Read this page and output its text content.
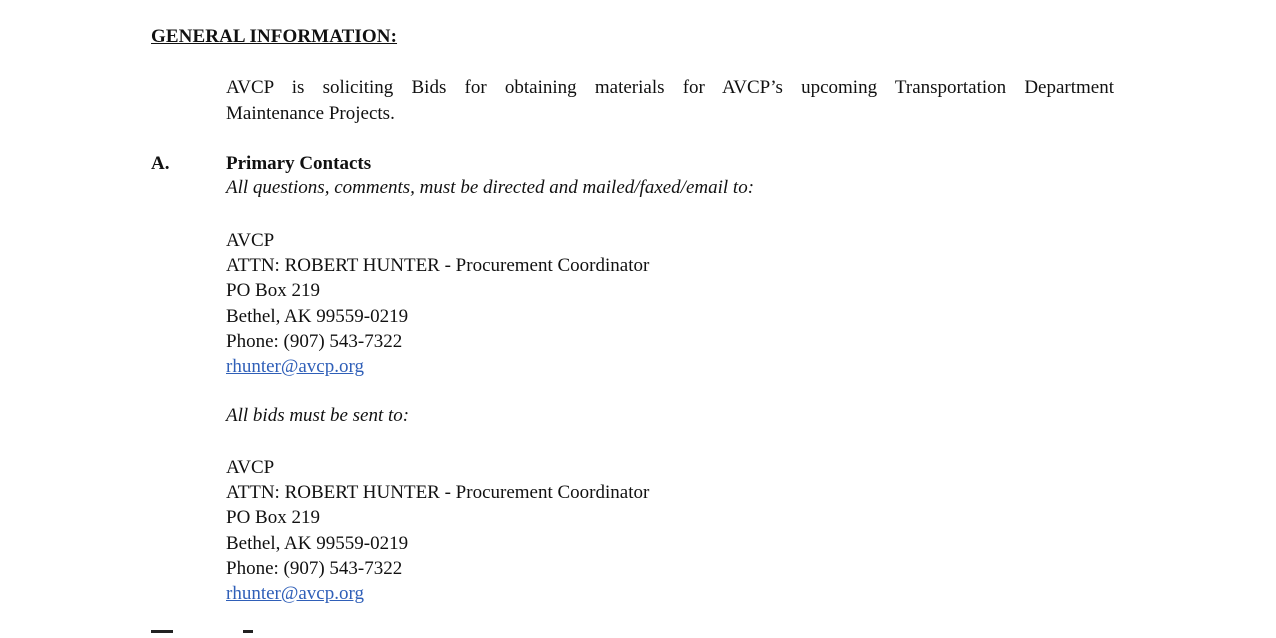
GENERAL INFORMATION:
AVCP is soliciting Bids for obtaining materials for AVCP’s upcoming Transportation Department
Maintenance Projects.
A.	Primary Contacts
All questions, comments, must be directed and mailed/faxed/email to:
AVCP
ATTN: ROBERT HUNTER - Procurement Coordinator
PO Box 219
Bethel, AK 99559-0219
Phone: (907) 543-7322
rhunter@avcp.org
All bids must be sent to:
AVCP
ATTN: ROBERT HUNTER - Procurement Coordinator
PO Box 219
Bethel, AK 99559-0219
Phone: (907) 543-7322
rhunter@avcp.org
